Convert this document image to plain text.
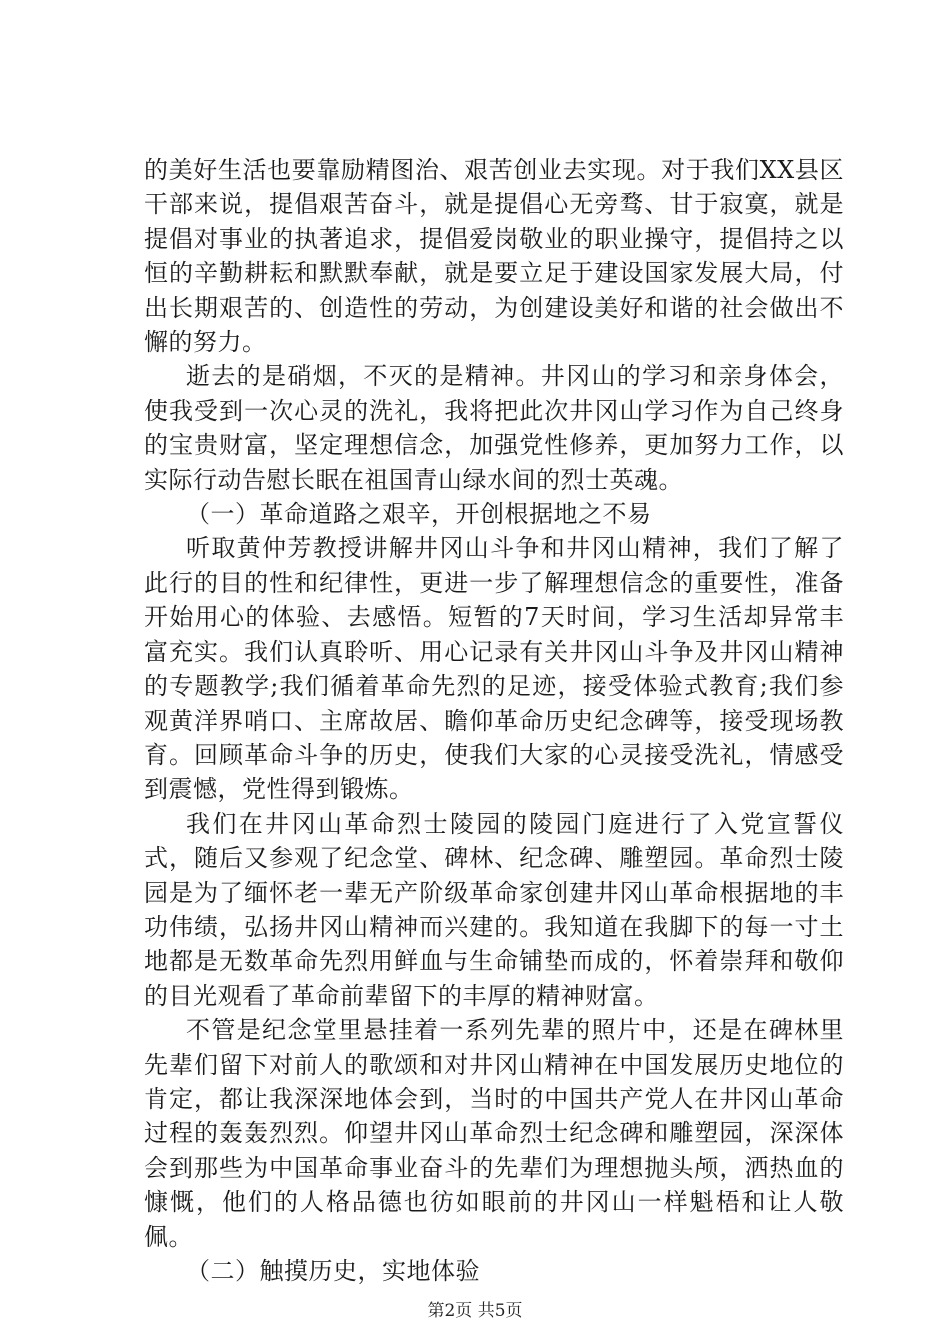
的美好生活也要靠励精图治、艰苦创业去实现。对于我们XX县区干部来说，提倡艰苦奋斗，就是提倡心无旁骛、甘于寂寞，就是提倡对事业的执著追求，提倡爱岗敬业的职业操守，提倡持之以恒的辛勤耕耘和默默奉献，就是要立足于建设国家发展大局，付出长期艰苦的、创造性的劳动，为创建设美好和谐的社会做出不懈的努力。

逝去的是硝烟，不灭的是精神。井冈山的学习和亲身体会，使我受到一次心灵的洗礼，我将把此次井冈山学习作为自己终身的宝贵财富，坚定理想信念，加强党性修养，更加努力工作，以实际行动告慰长眠在祖国青山绿水间的烈士英魂。

（一）革命道路之艰辛，开创根据地之不易

听取黄仲芳教授讲解井冈山斗争和井冈山精神，我们了解了此行的目的性和纪律性，更进一步了解理想信念的重要性，准备开始用心的体验、去感悟。短暂的7天时间，学习生活却异常丰富充实。我们认真聆听、用心记录有关井冈山斗争及井冈山精神的专题教学;我们循着革命先烈的足迹，接受体验式教育;我们参观黄洋界哨口、主席故居、瞻仰革命历史纪念碑等，接受现场教育。回顾革命斗争的历史，使我们大家的心灵接受洗礼，情感受到震憾，党性得到锻炼。

我们在井冈山革命烈士陵园的陵园门庭进行了入党宣誓仪式，随后又参观了纪念堂、碑林、纪念碑、雕塑园。革命烈士陵园是为了缅怀老一辈无产阶级革命家创建井冈山革命根据地的丰功伟绩，弘扬井冈山精神而兴建的。我知道在我脚下的每一寸土地都是无数革命先烈用鲜血与生命铺垫而成的，怀着崇拜和敬仰的目光观看了革命前辈留下的丰厚的精神财富。

不管是纪念堂里悬挂着一系列先辈的照片中，还是在碑林里先辈们留下对前人的歌颂和对井冈山精神在中国发展历史地位的肯定，都让我深深地体会到，当时的中国共产党人在井冈山革命过程的轰轰烈烈。仰望井冈山革命烈士纪念碑和雕塑园，深深体会到那些为中国革命事业奋斗的先辈们为理想抛头颅，洒热血的慷慨，他们的人格品德也彷如眼前的井冈山一样魁梧和让人敬佩。

（二）触摸历史，实地体验

第2页 共5页
